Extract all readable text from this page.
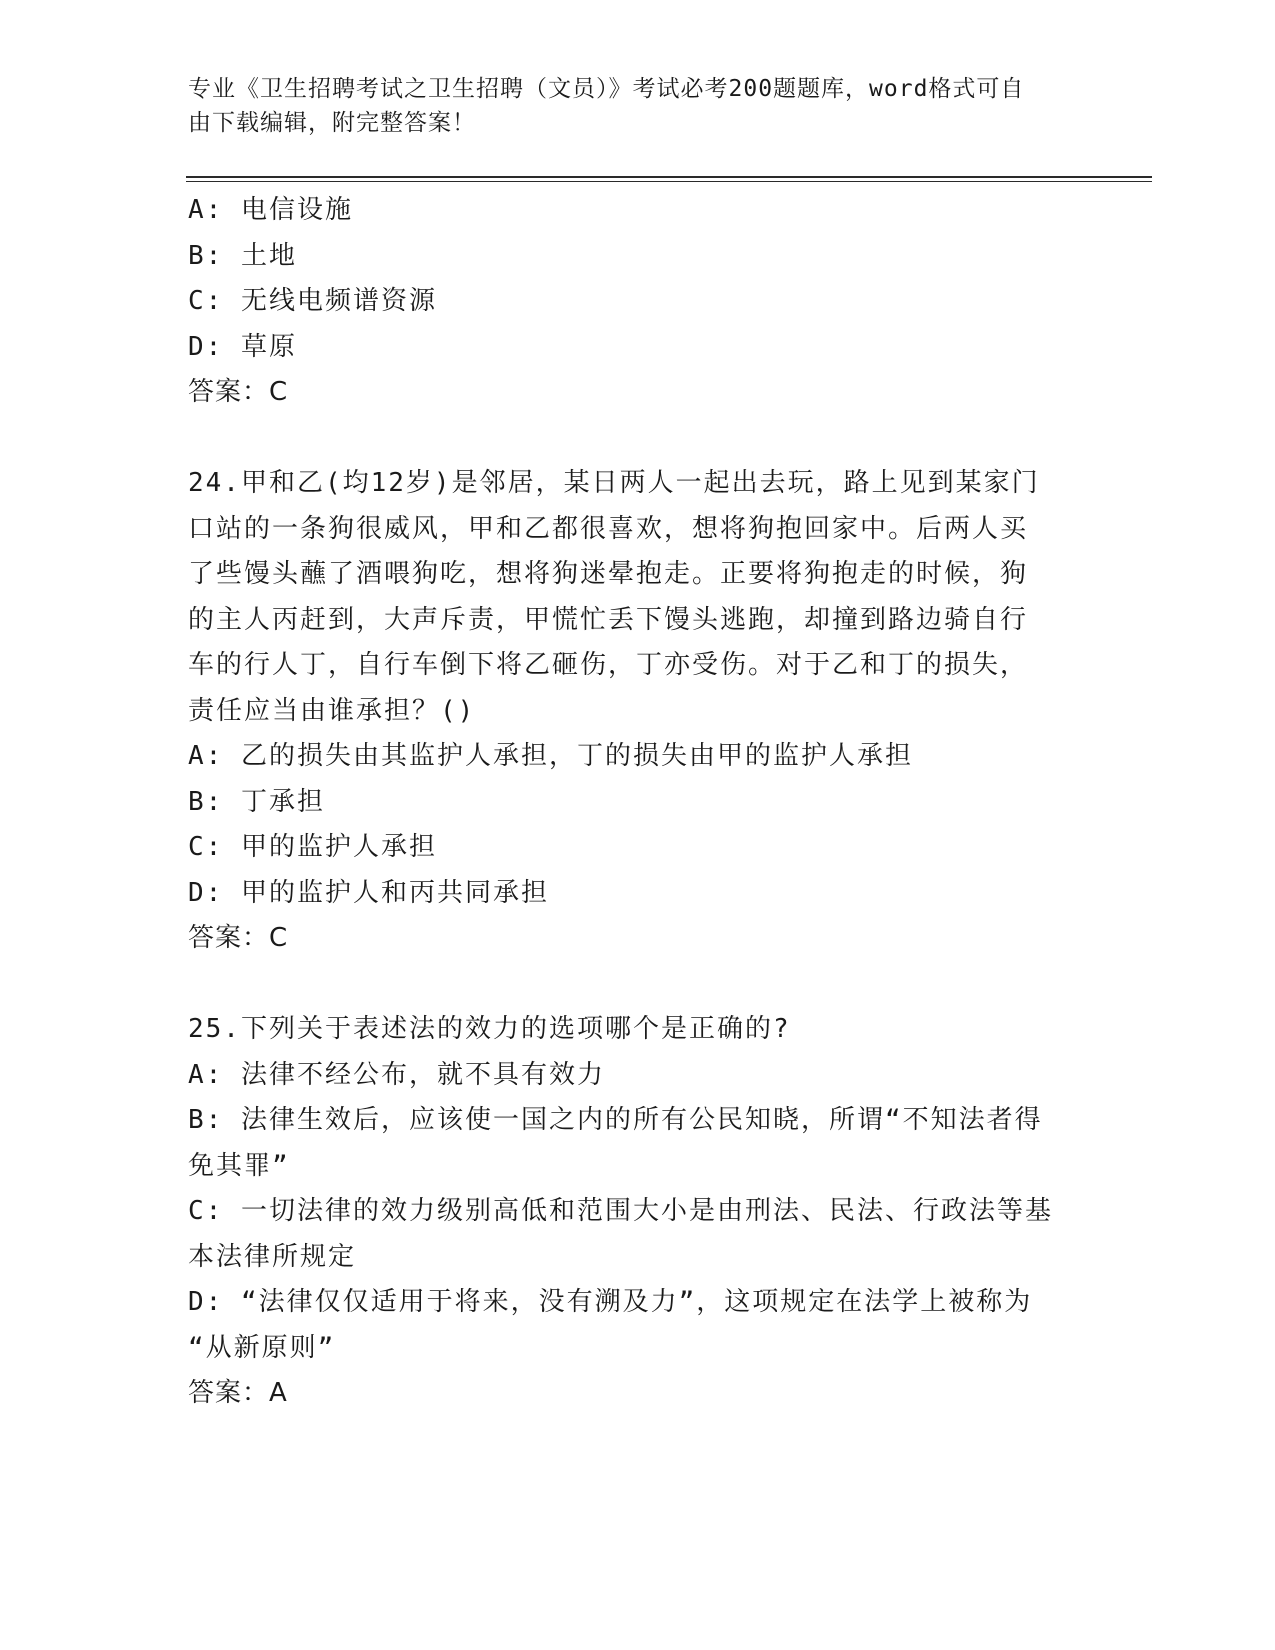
专业《卫生招聘考试之卫生招聘（文员）》考试必考200题题库，word格式可自
由下载编辑，附完整答案！

A: 电信设施

B: 土地

C: 无线电频谱资源

D: 草原

答案：C

24.甲和乙(均12岁)是邻居，某日两人一起出去玩，路上见到某家门

口站的一条狗很威风，甲和乙都很喜欢，想将狗抱回家中。后两人买

了些馒头蘸了酒喂狗吃，想将狗迷晕抱走。正要将狗抱走的时候，狗

的主人丙赶到，大声斥责，甲慌忙丢下馒头逃跑，却撞到路边骑自行

车的行人丁，自行车倒下将乙砸伤，丁亦受伤。对于乙和丁的损失，

责任应当由谁承担？()

A: 乙的损失由其监护人承担，丁的损失由甲的监护人承担

B: 丁承担

C: 甲的监护人承担

D: 甲的监护人和丙共同承担

答案：C

25.下列关于表述法的效力的选项哪个是正确的?

A: 法律不经公布，就不具有效力

B: 法律生效后，应该使一国之内的所有公民知晓，所谓“不知法者得

免其罪”

C: 一切法律的效力级别高低和范围大小是由刑法、民法、行政法等基

本法律所规定

D: “法律仅仅适用于将来，没有溯及力”，这项规定在法学上被称为

“从新原则”

答案：A
